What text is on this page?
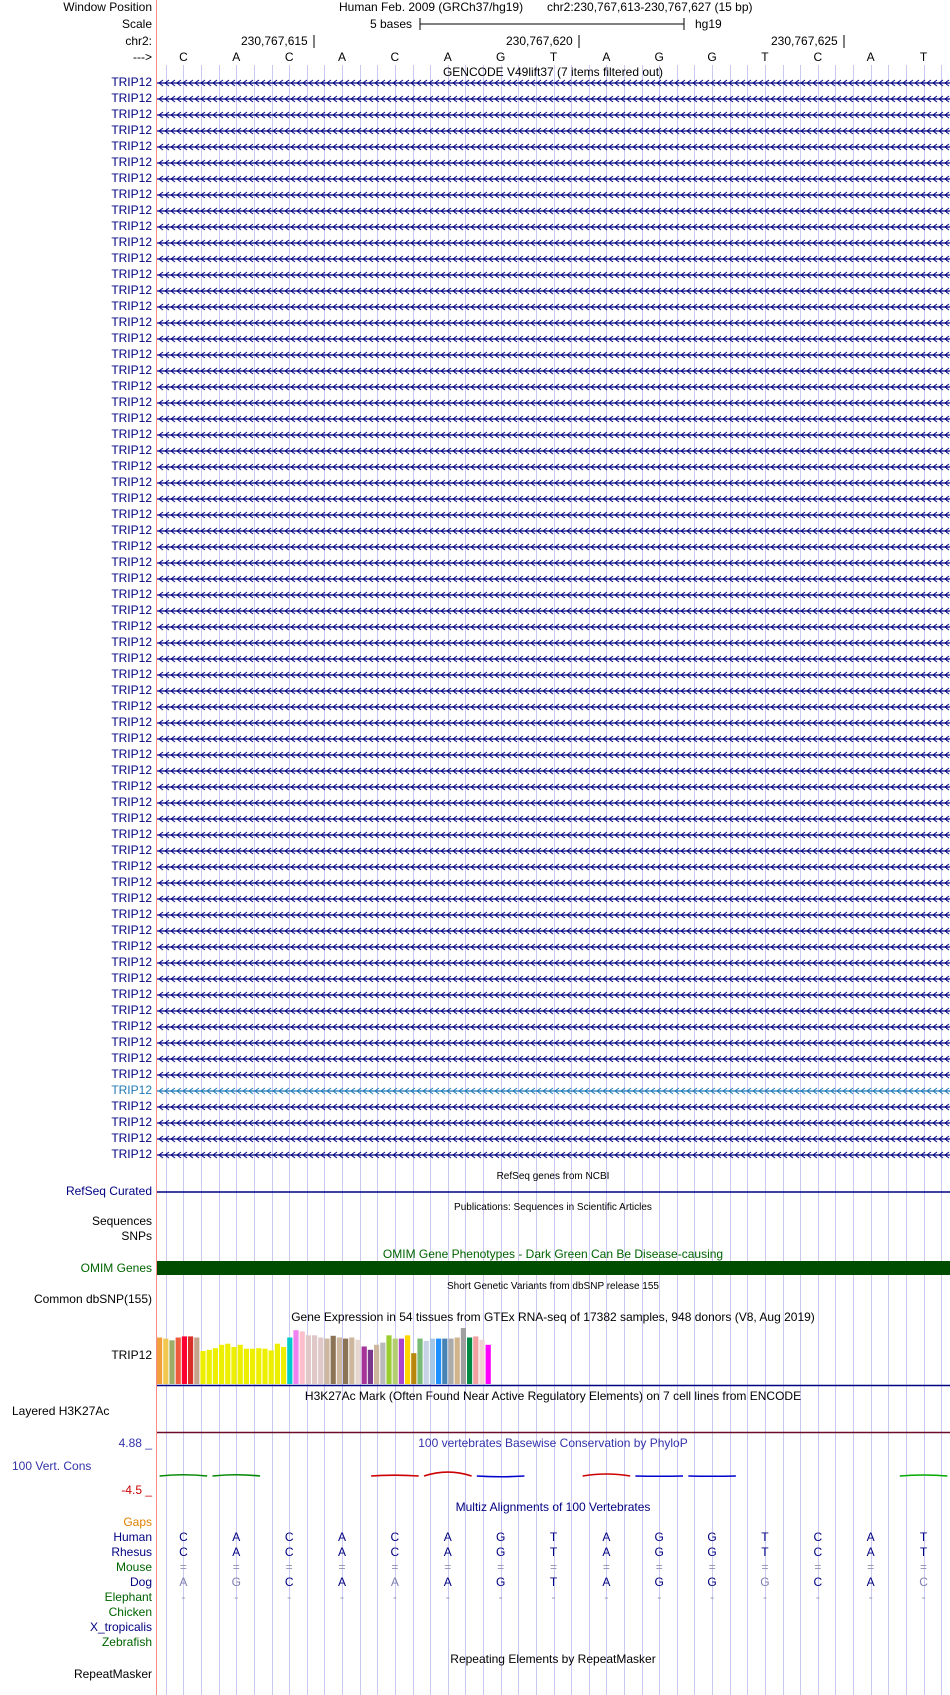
Window Position	Human Feb. 2009 (GRCh37/hg19) chr2:230,767,613-230,767,627 (15 bp)
Scale	5 bases	hg19
chr2:	230,767,615	230,767,620	230,767,625
--->	C	A	C	A	C	A	G	T	A	G	G	T	C	A	T
GENCODE V49lift37 (7 items filtered out)
TRIP12
TRIP12
TRIP12
TRIP12
TRIP12
TRIP12
TRIP12
TRIP12
TRIP12
TRIP12
TRIP12
TRIP12
TRIP12
TRIP12
TRIP12
TRIP12
TRIP12
TRIP12
TRIP12
TRIP12
TRIP12
TRIP12
TRIP12
TRIP12
TRIP12
TRIP12
TRIP12
TRIP12
TRIP12
TRIP12
TRIP12
TRIP12
TRIP12
TRIP12
TRIP12
TRIP12
TRIP12
TRIP12
TRIP12
TRIP12
TRIP12
TRIP12
TRIP12
TRIP12
TRIP12
TRIP12
TRIP12
TRIP12
TRIP12
TRIP12
TRIP12
TRIP12
TRIP12
TRIP12
TRIP12
TRIP12
TRIP12
TRIP12
TRIP12
TRIP12
TRIP12
TRIP12
TRIP12
TRIP12
TRIP12
TRIP12
TRIP12
TRIP12
RefSeq genes from NCBI
RefSeq Curated
Publications: Sequences in Scientific Articles
Sequences
SNPs
OMIM Gene Phenotypes - Dark Green Can Be Disease-causing
OMIM Genes
Short Genetic Variants from dbSNP release 155
Common dbSNP(155)
Gene Expression in 54 tissues from GTEx RNA-seq of 17382 samples, 948 donors (V8, Aug 2019)
TRIP12
H3K27Ac Mark (Often Found Near Active Regulatory Elements) on 7 cell lines from ENCODE
Layered H3K27Ac
100 vertebrates Basewise Conservation by PhyloP
4.88 _
100 Vert. Cons
-4.5 _
Multiz Alignments of 100 Vertebrates
Gaps
Human	C	A	C	A	C	A	G	T	A	G	G	T	C	A	T
Rhesus	C	A	C	A	C	A	G	T	A	G	G	T	C	A	T
Mouse	=	=	=	=	=	=	=	=	=	=	=	=	=	=	=
Dog	A	G	C	A	A	A	G	T	A	G	G	G	C	A	C
Elephant	-	-	-	-	-	-	-	-	-	-	-	-	-	-	-
Chicken
X_tropicalis
Zebrafish
Repeating Elements by RepeatMasker
RepeatMasker
